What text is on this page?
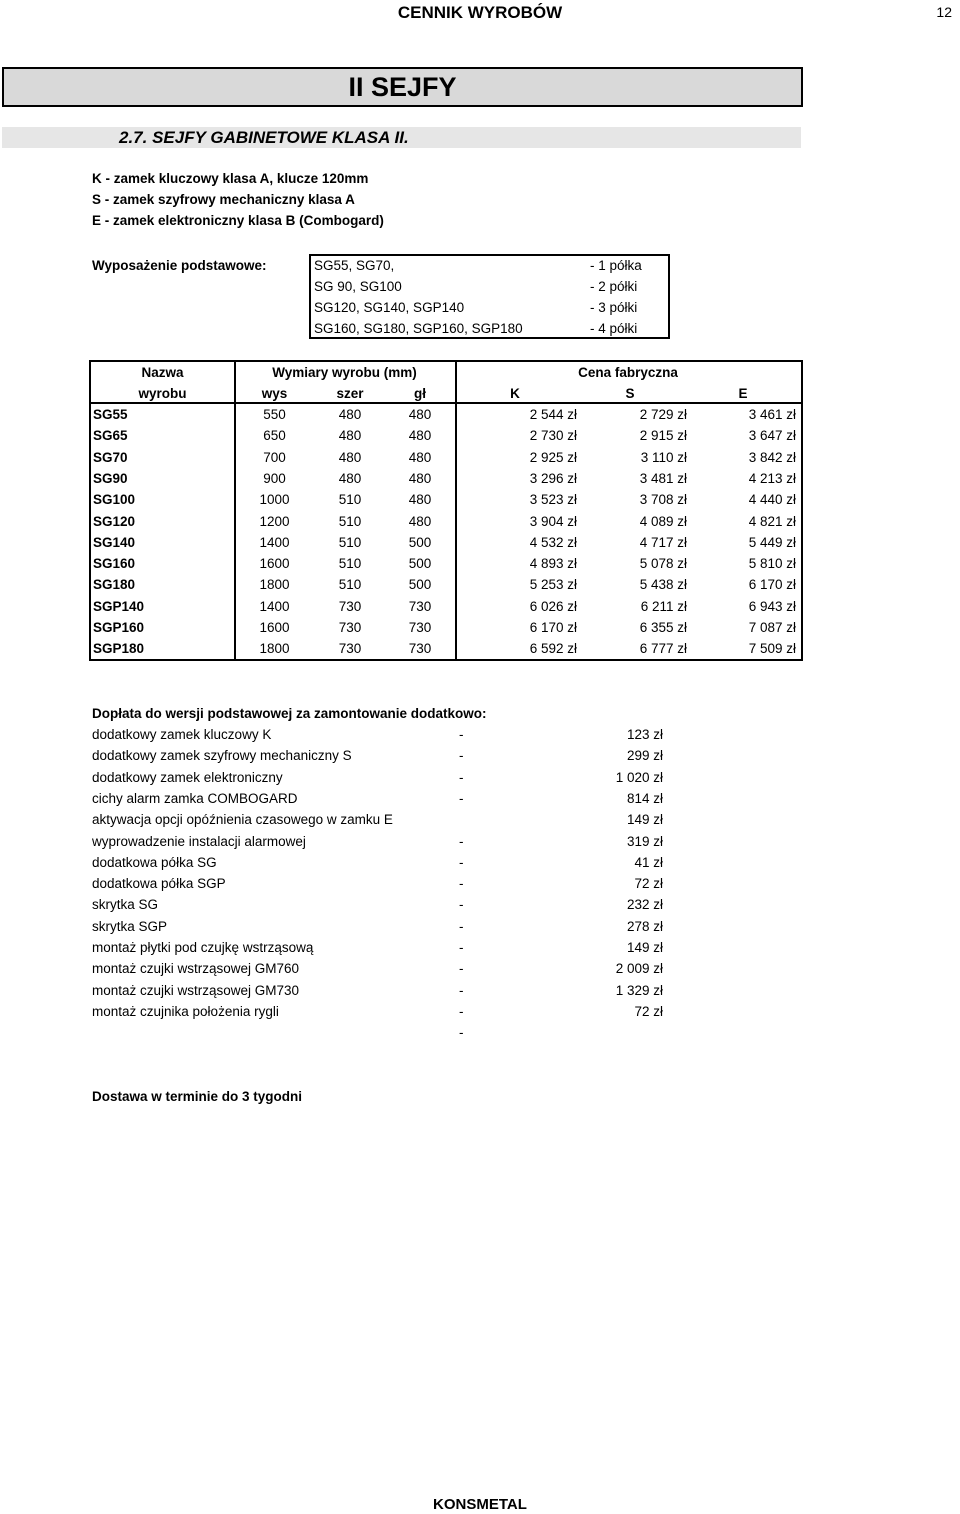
CENNIK WYROBÓW	12
II SEJFY
2.7. SEJFY GABINETOWE KLASA II.
K - zamek kluczowy klasa A, klucze 120mm
S - zamek szyfrowy mechaniczny klasa A
E - zamek elektroniczny klasa B (Combogard)
Wyposażenie podstawowe:	SG55, SG70,	- 1 półka
SG 90, SG100	- 2 półki
SG120, SG140, SGP140	- 3 półki
SG160, SG180, SGP160, SGP180	- 4 półki
Nazwa	Wymiary wyrobu (mm)	Cena fabryczna
wyrobu	wys	szer	gł	K	S	E
SG55	550	480	480	2 544 zł	2 729 zł	3 461 zł
SG65	650	480	480	2 730 zł	2 915 zł	3 647 zł
SG70	700	480	480	2 925 zł	3 110 zł	3 842 zł
SG90	900	480	480	3 296 zł	3 481 zł	4 213 zł
SG100	1000	510	480	3 523 zł	3 708 zł	4 440 zł
SG120	1200	510	480	3 904 zł	4 089 zł	4 821 zł
SG140	1400	510	500	4 532 zł	4 717 zł	5 449 zł
SG160	1600	510	500	4 893 zł	5 078 zł	5 810 zł
SG180	1800	510	500	5 253 zł	5 438 zł	6 170 zł
SGP140	1400	730	730	6 026 zł	6 211 zł	6 943 zł
SGP160	1600	730	730	6 170 zł	6 355 zł	7 087 zł
SGP180	1800	730	730	6 592 zł	6 777 zł	7 509 zł
Dopłata do wersji podstawowej za zamontowanie dodatkowo:
dodatkowy zamek kluczowy K	-	123 zł
dodatkowy zamek szyfrowy mechaniczny S	-	299 zł
dodatkowy zamek elektroniczny	-	1 020 zł
cichy alarm zamka COMBOGARD	-	814 zł
aktywacja opcji opóźnienia czasowego w zamku E	149 zł
wyprowadzenie instalacji alarmowej	-	319 zł
dodatkowa półka SG	-	41 zł
dodatkowa półka SGP	-	72 zł
skrytka SG	-	232 zł
skrytka SGP	-	278 zł
montaż płytki pod czujkę wstrząsową	-	149 zł
montaż czujki wstrząsowej GM760	-	2 009 zł
montaż czujki wstrząsowej GM730	-	1 329 zł
montaż czujnika położenia rygli	-	72 zł
-
Dostawa w terminie do 3 tygodni
KONSMETAL
